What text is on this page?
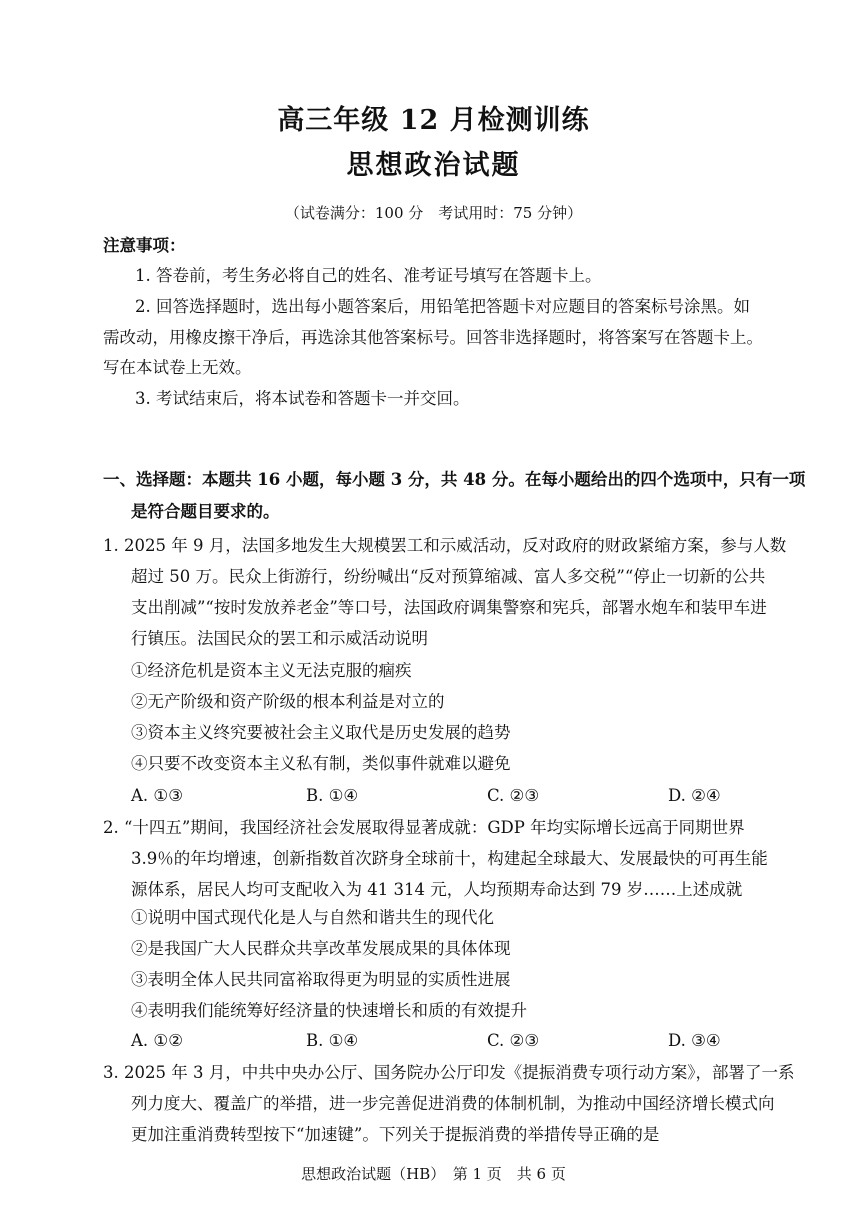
高三年级 12 月检测训练
思想政治试题
（试卷满分：100 分　考试用时：75 分钟）
注意事项：
1. 答卷前，考生务必将自己的姓名、准考证号填写在答题卡上。
2. 回答选择题时，选出每小题答案后，用铅笔把答题卡对应题目的答案标号涂黑。如
需改动，用橡皮擦干净后，再选涂其他答案标号。回答非选择题时，将答案写在答题卡上。
写在本试卷上无效。
3. 考试结束后，将本试卷和答题卡一并交回。
一、选择题：本题共 16 小题，每小题 3 分，共 48 分。在每小题给出的四个选项中，只有一项
是符合题目要求的。
1. 2025 年 9 月，法国多地发生大规模罢工和示威活动，反对政府的财政紧缩方案，参与人数
超过 50 万。民众上街游行，纷纷喊出“反对预算缩减、富人多交税”“停止一切新的公共
支出削减”“按时发放养老金”等口号，法国政府调集警察和宪兵，部署水炮车和装甲车进
行镇压。法国民众的罢工和示威活动说明
①经济危机是资本主义无法克服的痼疾
②无产阶级和资产阶级的根本利益是对立的
③资本主义终究要被社会主义取代是历史发展的趋势
④只要不改变资本主义私有制，类似事件就难以避免
A. ①③	B. ①④	C. ②③	D. ②④
2. “十四五”期间，我国经济社会发展取得显著成就：GDP 年均实际增长远高于同期世界
3.9％的年均增速，创新指数首次跻身全球前十，构建起全球最大、发展最快的可再生能
源体系，居民人均可支配收入为 41 314 元，人均预期寿命达到 79 岁……上述成就
①说明中国式现代化是人与自然和谐共生的现代化
②是我国广大人民群众共享改革发展成果的具体体现
③表明全体人民共同富裕取得更为明显的实质性进展
④表明我们能统筹好经济量的快速增长和质的有效提升
A. ①②	B. ①④	C. ②③	D. ③④
3. 2025 年 3 月，中共中央办公厅、国务院办公厅印发《提振消费专项行动方案》，部署了一系
列力度大、覆盖广的举措，进一步完善促进消费的体制机制，为推动中国经济增长模式向
更加注重消费转型按下“加速键”。下列关于提振消费的举措传导正确的是
思想政治试题（HB）　第 1 页　共 6 页
